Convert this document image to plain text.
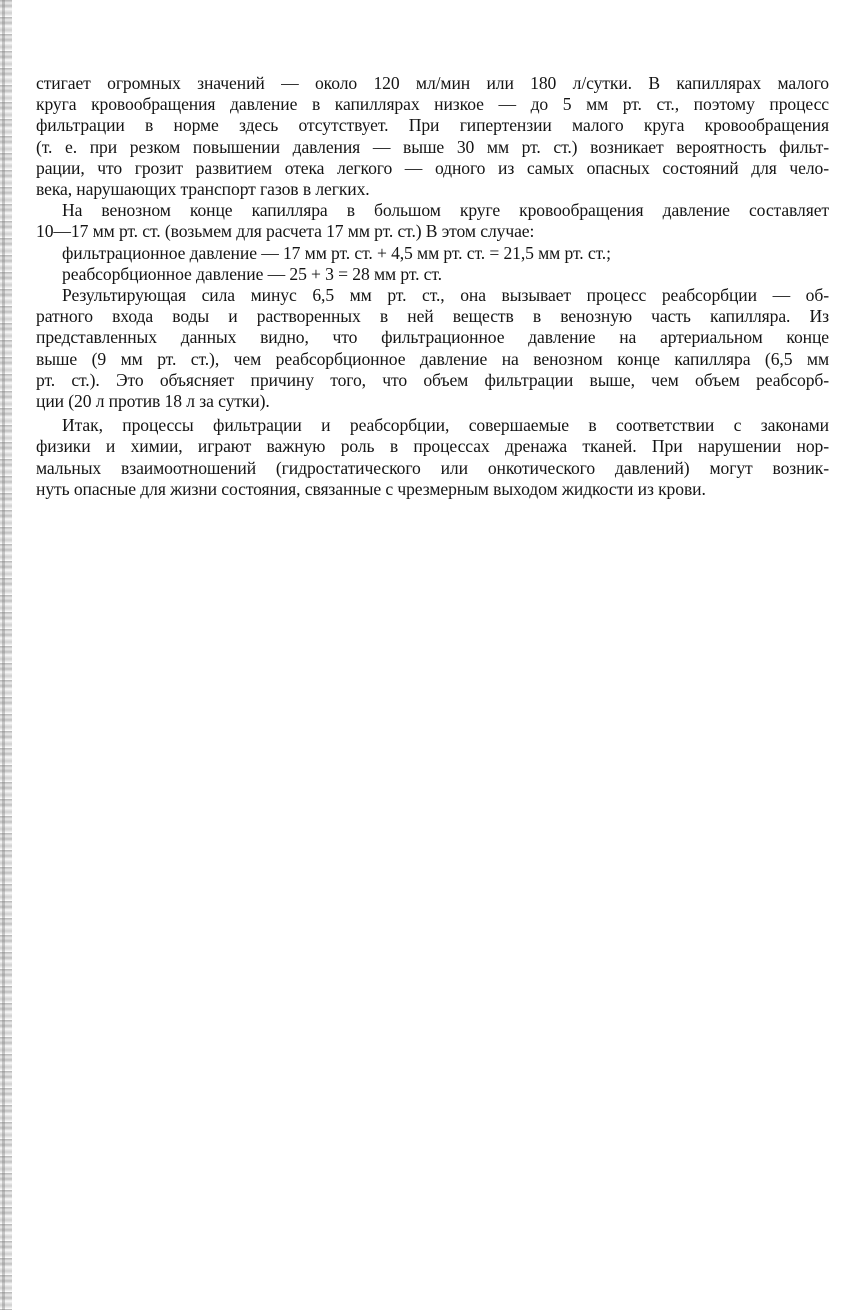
стигает огромных значений — около 120 мл/мин или 180 л/сутки. В капиллярах малого
круга кровообращения давление в капиллярах низкое — до 5 мм рт. ст., поэтому процесс
фильтрации в норме здесь отсутствует. При гипертензии малого круга кровообращения
(т. е. при резком повышении давления — выше 30 мм рт. ст.) возникает вероятность фильт-
рации, что грозит развитием отека легкого — одного из самых опасных состояний для чело-
века, нарушающих транспорт газов в легких.

На венозном конце капилляра в большом круге кровообращения давление составляет
10—17 мм рт. ст. (возьмем для расчета 17 мм рт. ст.) В этом случае:

фильтрационное давление — 17 мм рт. ст. + 4,5 мм рт. ст. = 21,5 мм рт. ст.;
реабсорбционное давление — 25 + 3 = 28 мм рт. ст.

Результирующая сила минус 6,5 мм рт. ст., она вызывает процесс реабсорбции — об-
ратного входа воды и растворенных в ней веществ в венозную часть капилляра. Из
представленных данных видно, что фильтрационное давление на артериальном конце
выше (9 мм рт. ст.), чем реабсорбционное давление на венозном конце капилляра (6,5 мм
рт. ст.). Это объясняет причину того, что объем фильтрации выше, чем объем реабсорб-
ции (20 л против 18 л за сутки).

Итак, процессы фильтрации и реабсорбции, совершаемые в соответствии с законами
физики и химии, играют важную роль в процессах дренажа тканей. При нарушении нор-
мальных взаимоотношений (гидростатического или онкотического давлений) могут возник-
нуть опасные для жизни состояния, связанные с чрезмерным выходом жидкости из крови.
